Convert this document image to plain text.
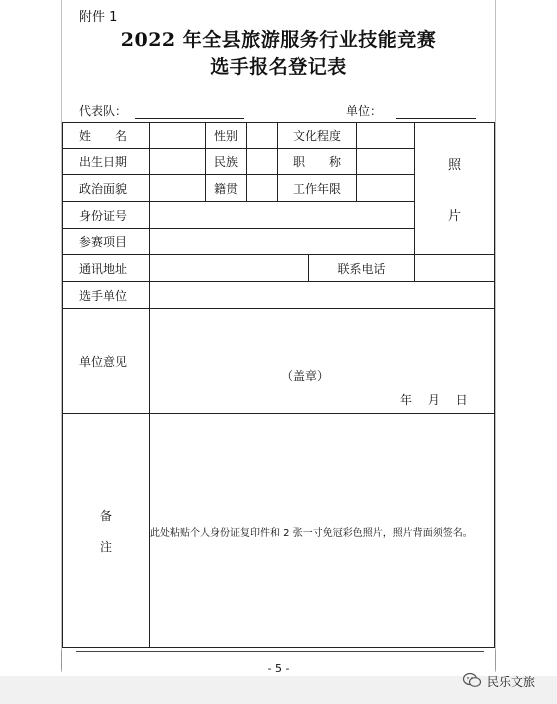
附件 1
2022 年全县旅游服务行业技能竞赛
选手报名登记表
代表队：	单位：
姓　　名	性别	文化程度
出生日期	民族	职　　称
政治面貌	籍贯	工作年限
身份证号
参赛项目
照
片
通讯地址	联系电话
选手单位
单位意见
（盖章）
年　 月　 日
备
注
此处粘贴个人身份证复印件和 2 张一寸免冠彩色照片，照片背面须签名。
- 5 -
民乐文旅
